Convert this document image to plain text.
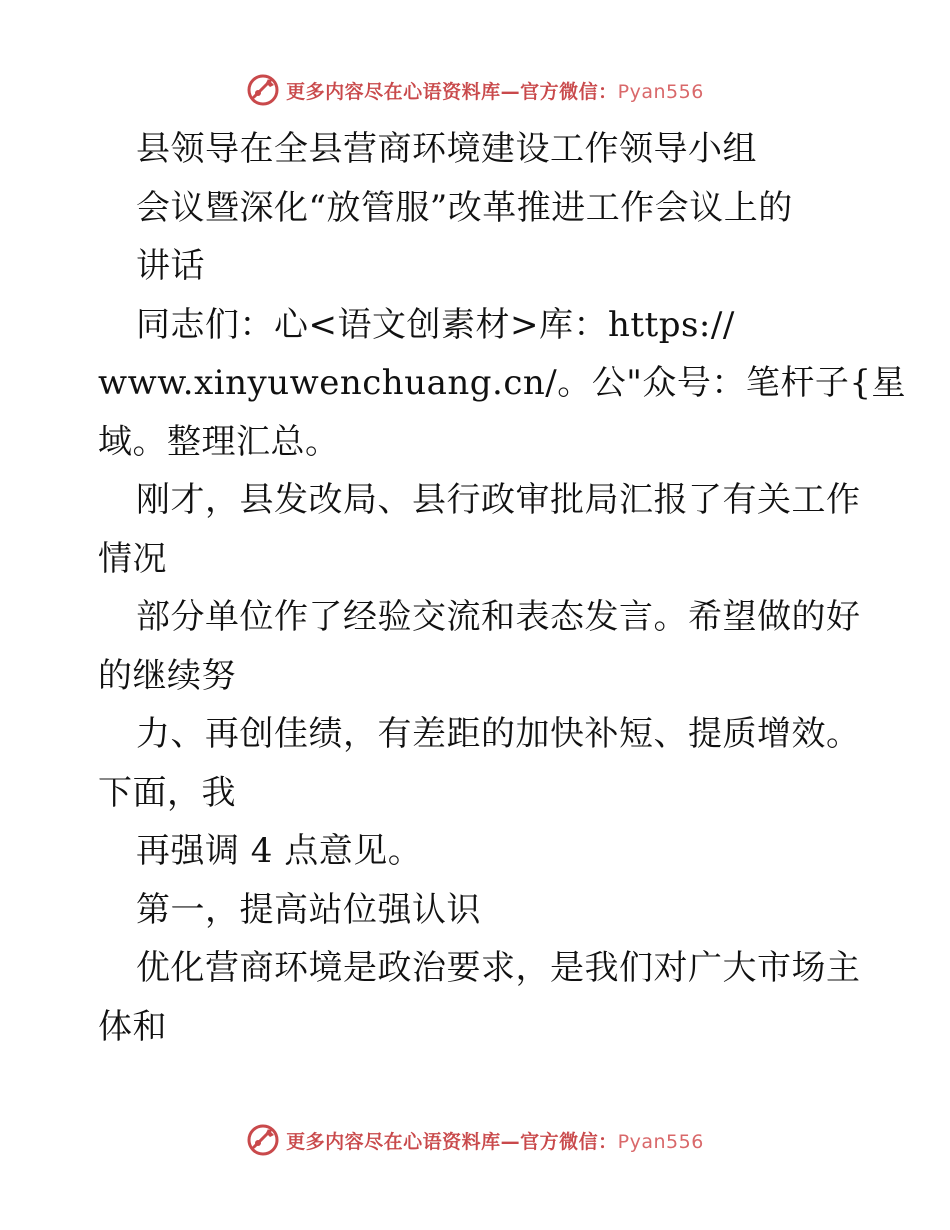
更多内容尽在心语资料库—官方微信：Pyan556
县领导在全县营商环境建设工作领导小组
会议暨深化“放管服”改革推进工作会议上的
讲话
同志们：心<语文创素材>库：https://
www.xinyuwenchuang.cn/。公"众号：笔杆子{星
域。整理汇总。
刚才，县发改局、县行政审批局汇报了有关工作
情况
部分单位作了经验交流和表态发言。希望做的好
的继续努
力、再创佳绩，有差距的加快补短、提质增效。
下面，我
再强调 4 点意见。
第一，提高站位强认识
优化营商环境是政治要求，是我们对广大市场主
体和
更多内容尽在心语资料库—官方微信：Pyan556
